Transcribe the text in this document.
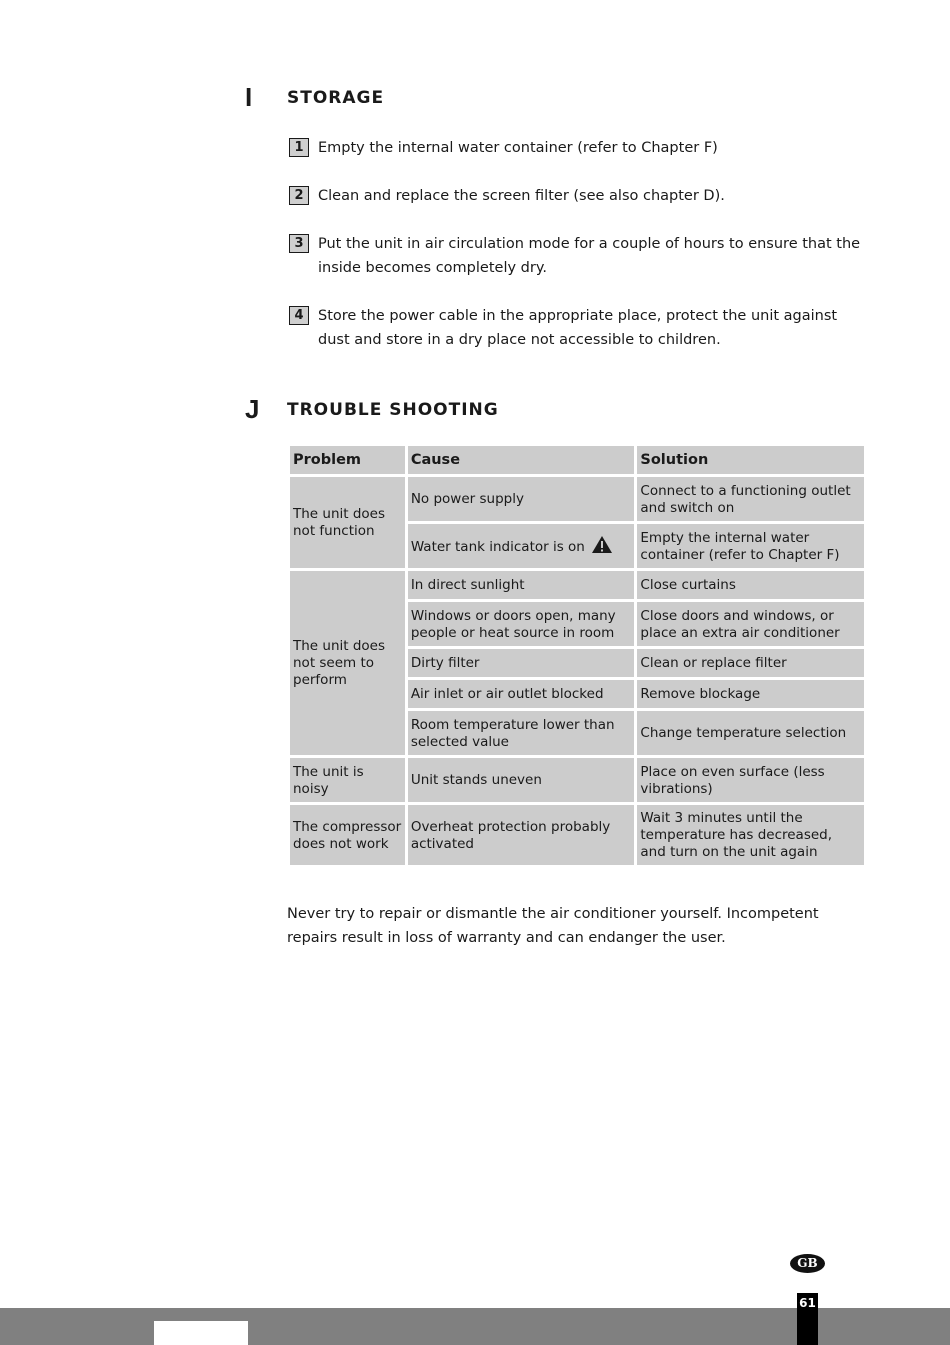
I STORAGE
1 Empty the internal water container (refer to Chapter F)
2 Clean and replace the screen filter (see also chapter D).
3 Put the unit in air circulation mode for a couple of hours to ensure that the inside becomes completely dry.
4 Store the power cable in the appropriate place, protect the unit against dust and store in a dry place not accessible to children.
J TROUBLE SHOOTING
Problem	Cause	Solution
The unit does not function	No power supply	Connect to a functioning outlet and switch on
	Water tank indicator is on	Empty the internal water container (refer to Chapter F)
The unit does not seem to perform	In direct sunlight	Close curtains
	Windows or doors open, many people or heat source in room	Close doors and windows, or place an extra air conditioner
	Dirty filter	Clean or replace filter
	Air inlet or air outlet blocked	Remove blockage
	Room temperature lower than selected value	Change temperature selection
The unit is noisy	Unit stands uneven	Place on even surface (less vibrations)
The compressor does not work	Overheat protection probably activated	Wait 3 minutes until the temperature has decreased, and turn on the unit again
Never try to repair or dismantle the air conditioner yourself. Incompetent repairs result in loss of warranty and can endanger the user.
GB
61
